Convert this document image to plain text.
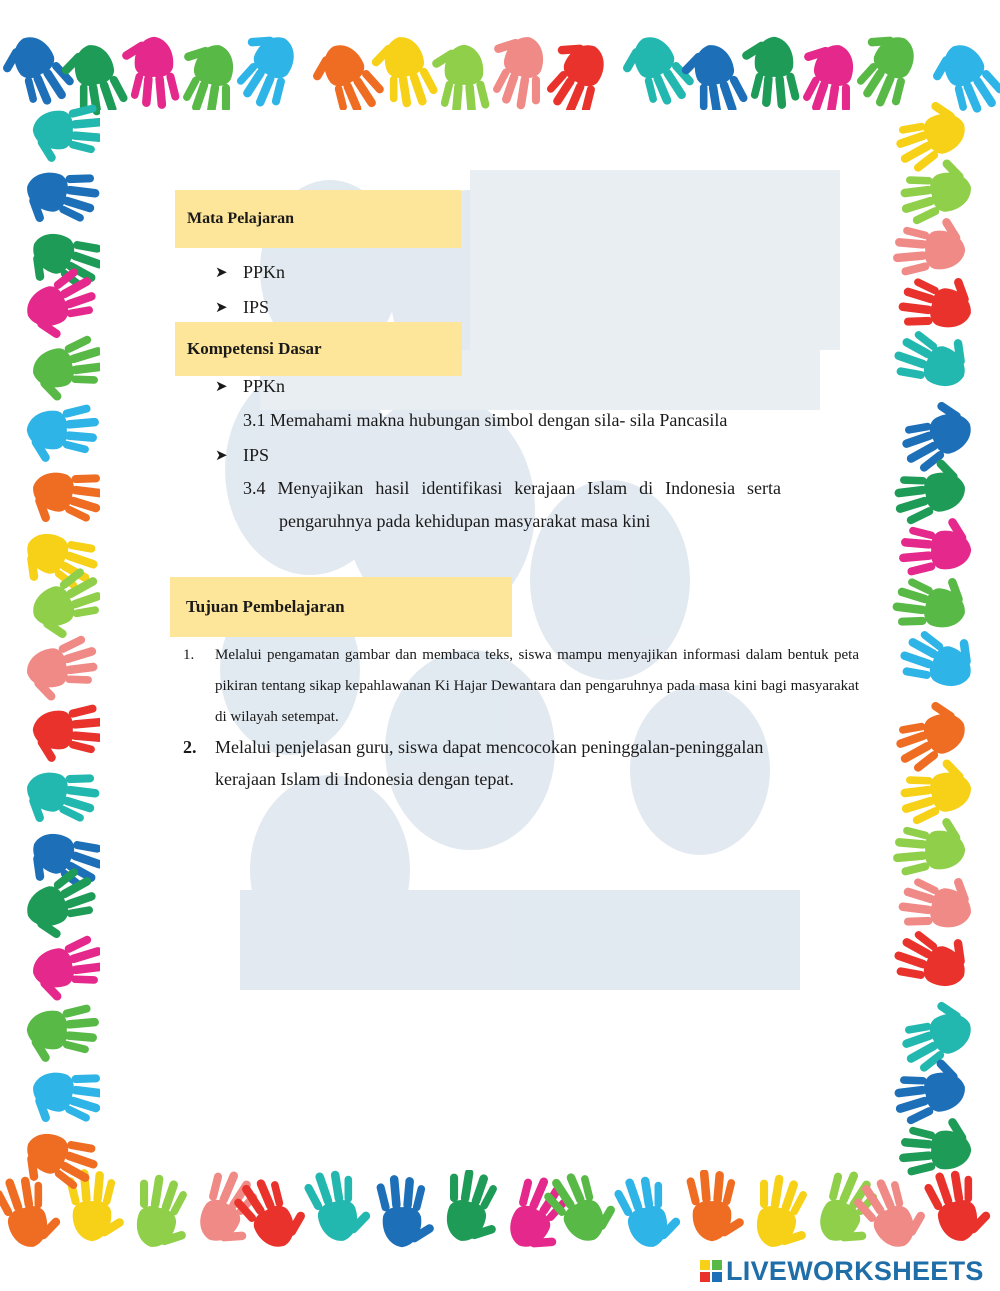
Mata Pelajaran
➤ PPKn
➤ IPS
Kompetensi Dasar
➤ PPKn
3.1 Memahami makna hubungan simbol dengan sila- sila Pancasila
➤ IPS
3.4 Menyajikan hasil identifikasi kerajaan Islam di Indonesia serta
pengaruhnya pada kehidupan masyarakat masa kini
Tujuan Pembelajaran
1. Melalui pengamatan gambar dan membaca teks, siswa mampu menyajikan informasi dalam bentuk peta pikiran tentang sikap kepahlawanan Ki Hajar Dewantara dan pengaruhnya pada masa kini bagi masyarakat di wilayah setempat.
2. Melalui penjelasan guru, siswa dapat mencocokan peninggalan-peninggalan kerajaan Islam di Indonesia dengan tepat.
LIVEWORKSHEETS
